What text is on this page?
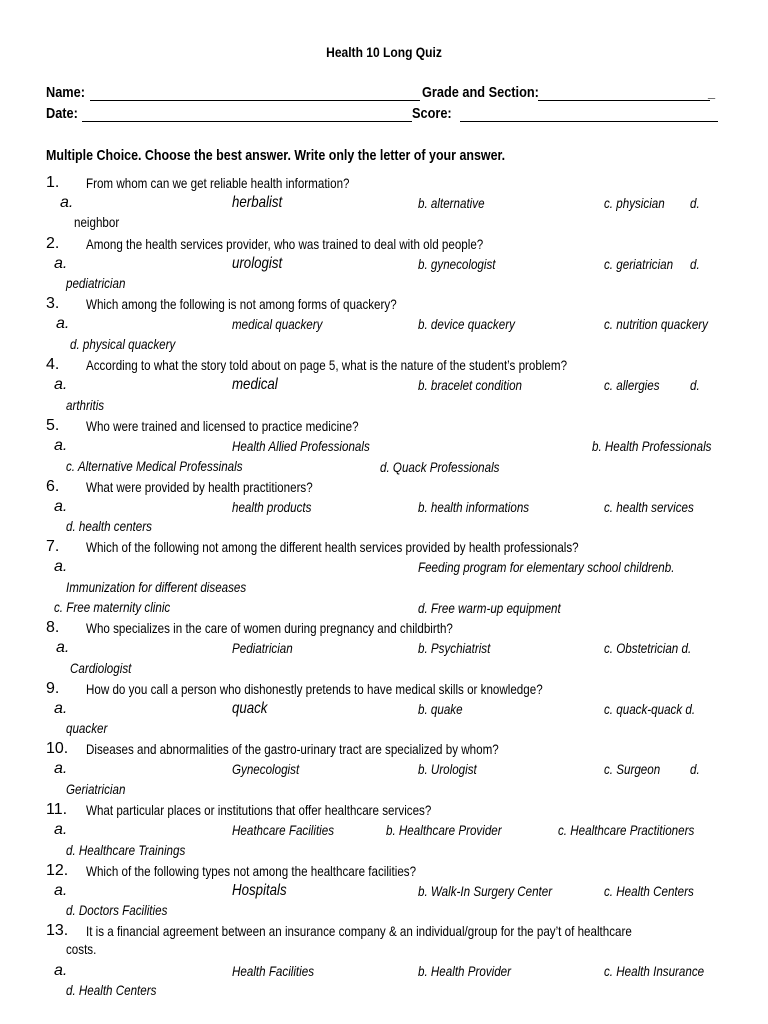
Health 10 Long Quiz
Name:	Grade and Section:	_
Date:	Score:
Multiple Choice. Choose the best answer. Write only the letter of your answer.
1. From whom can we get reliable health information?
a.	herbalist	b. alternative	c. physician d.
neighbor
2. Among the health services provider, who was trained to deal with old people?
a.	urologist	b. gynecologist	c. geriatrician d.
pediatrician
3. Which among the following is not among forms of quackery?
a.	medical quackery	b. device quackery	c. nutrition quackery
d. physical quackery
4. According to what the story told about on page 5, what is the nature of the student’s problem?
a.	medical	b. bracelet condition	c. allergies d.
arthritis
5. Who were trained and licensed to practice medicine?
a.	Health Allied Professionals	b. Health Professionals
c. Alternative Medical Professinals	d. Quack Professionals
6. What were provided by health practitioners?
a.	health products	b. health informations	c. health services
d. health centers
7. Which of the following not among the different health services provided by health professionals?
a.	Feeding program for elementary school childrenb.
Immunization for different diseases
c. Free maternity clinic	d. Free warm-up equipment
8. Who specializes in the care of women during pregnancy and childbirth?
a.	Pediatrician	b. Psychiatrist	c. Obstetrician d.
Cardiologist
9. How do you call a person who dishonestly pretends to have medical skills or knowledge?
a.	quack	b. quake	c. quack-quack d.
quacker
10. Diseases and abnormalities of the gastro-urinary tract are specialized by whom?
a.	Gynecologist	b. Urologist	c. Surgeon d.
Geriatrician
11. What particular places or institutions that offer healthcare services?
a.	Heathcare Facilities	b. Healthcare Provider	c. Healthcare Practitioners
d. Healthcare Trainings
12. Which of the following types not among the healthcare facilities?
a.	Hospitals	b. Walk-In Surgery Center	c. Health Centers
d. Doctors Facilities
13. It is a financial agreement between an insurance company & an individual/group for the pay’t of healthcare
costs.
a.	Health Facilities	b. Health Provider	c. Health Insurance
d. Health Centers
